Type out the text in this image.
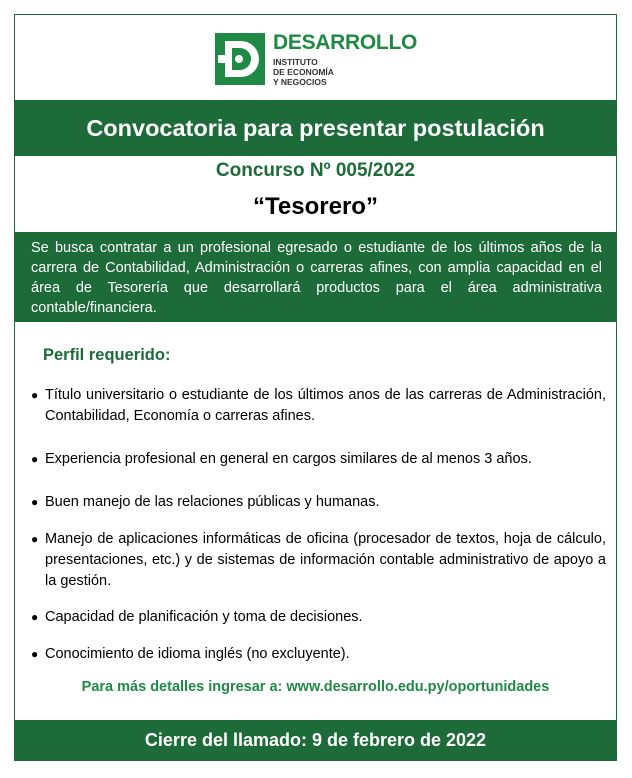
DESARROLLO
INSTITUTO
DE ECONOMÍA
Y NEGOCIOS
Convocatoria para presentar postulación
Concurso Nº 005/2022
“Tesorero”
Se busca contratar a un profesional egresado o estudiante de los últimos años de la carrera de Contabilidad, Administración o carreras afines, con amplia capacidad en el área de Tesorería que desarrollará productos para el área administrativa contable/financiera.
Perfil requerido:
● Título universitario o estudiante de los últimos anos de las carreras de Administración, Contabilidad, Economía o carreras afines.
● Experiencia profesional en general en cargos similares de al menos 3 años.
● Buen manejo de las relaciones públicas y humanas.
● Manejo de aplicaciones informáticas de oficina (procesador de textos, hoja de cálculo, presentaciones, etc.) y de sistemas de información contable administrativo de apoyo a la gestión.
● Capacidad de planificación y toma de decisiones.
● Conocimiento de idioma inglés (no excluyente).
Para más detalles ingresar a: www.desarrollo.edu.py/oportunidades
Cierre del llamado: 9 de febrero de 2022
